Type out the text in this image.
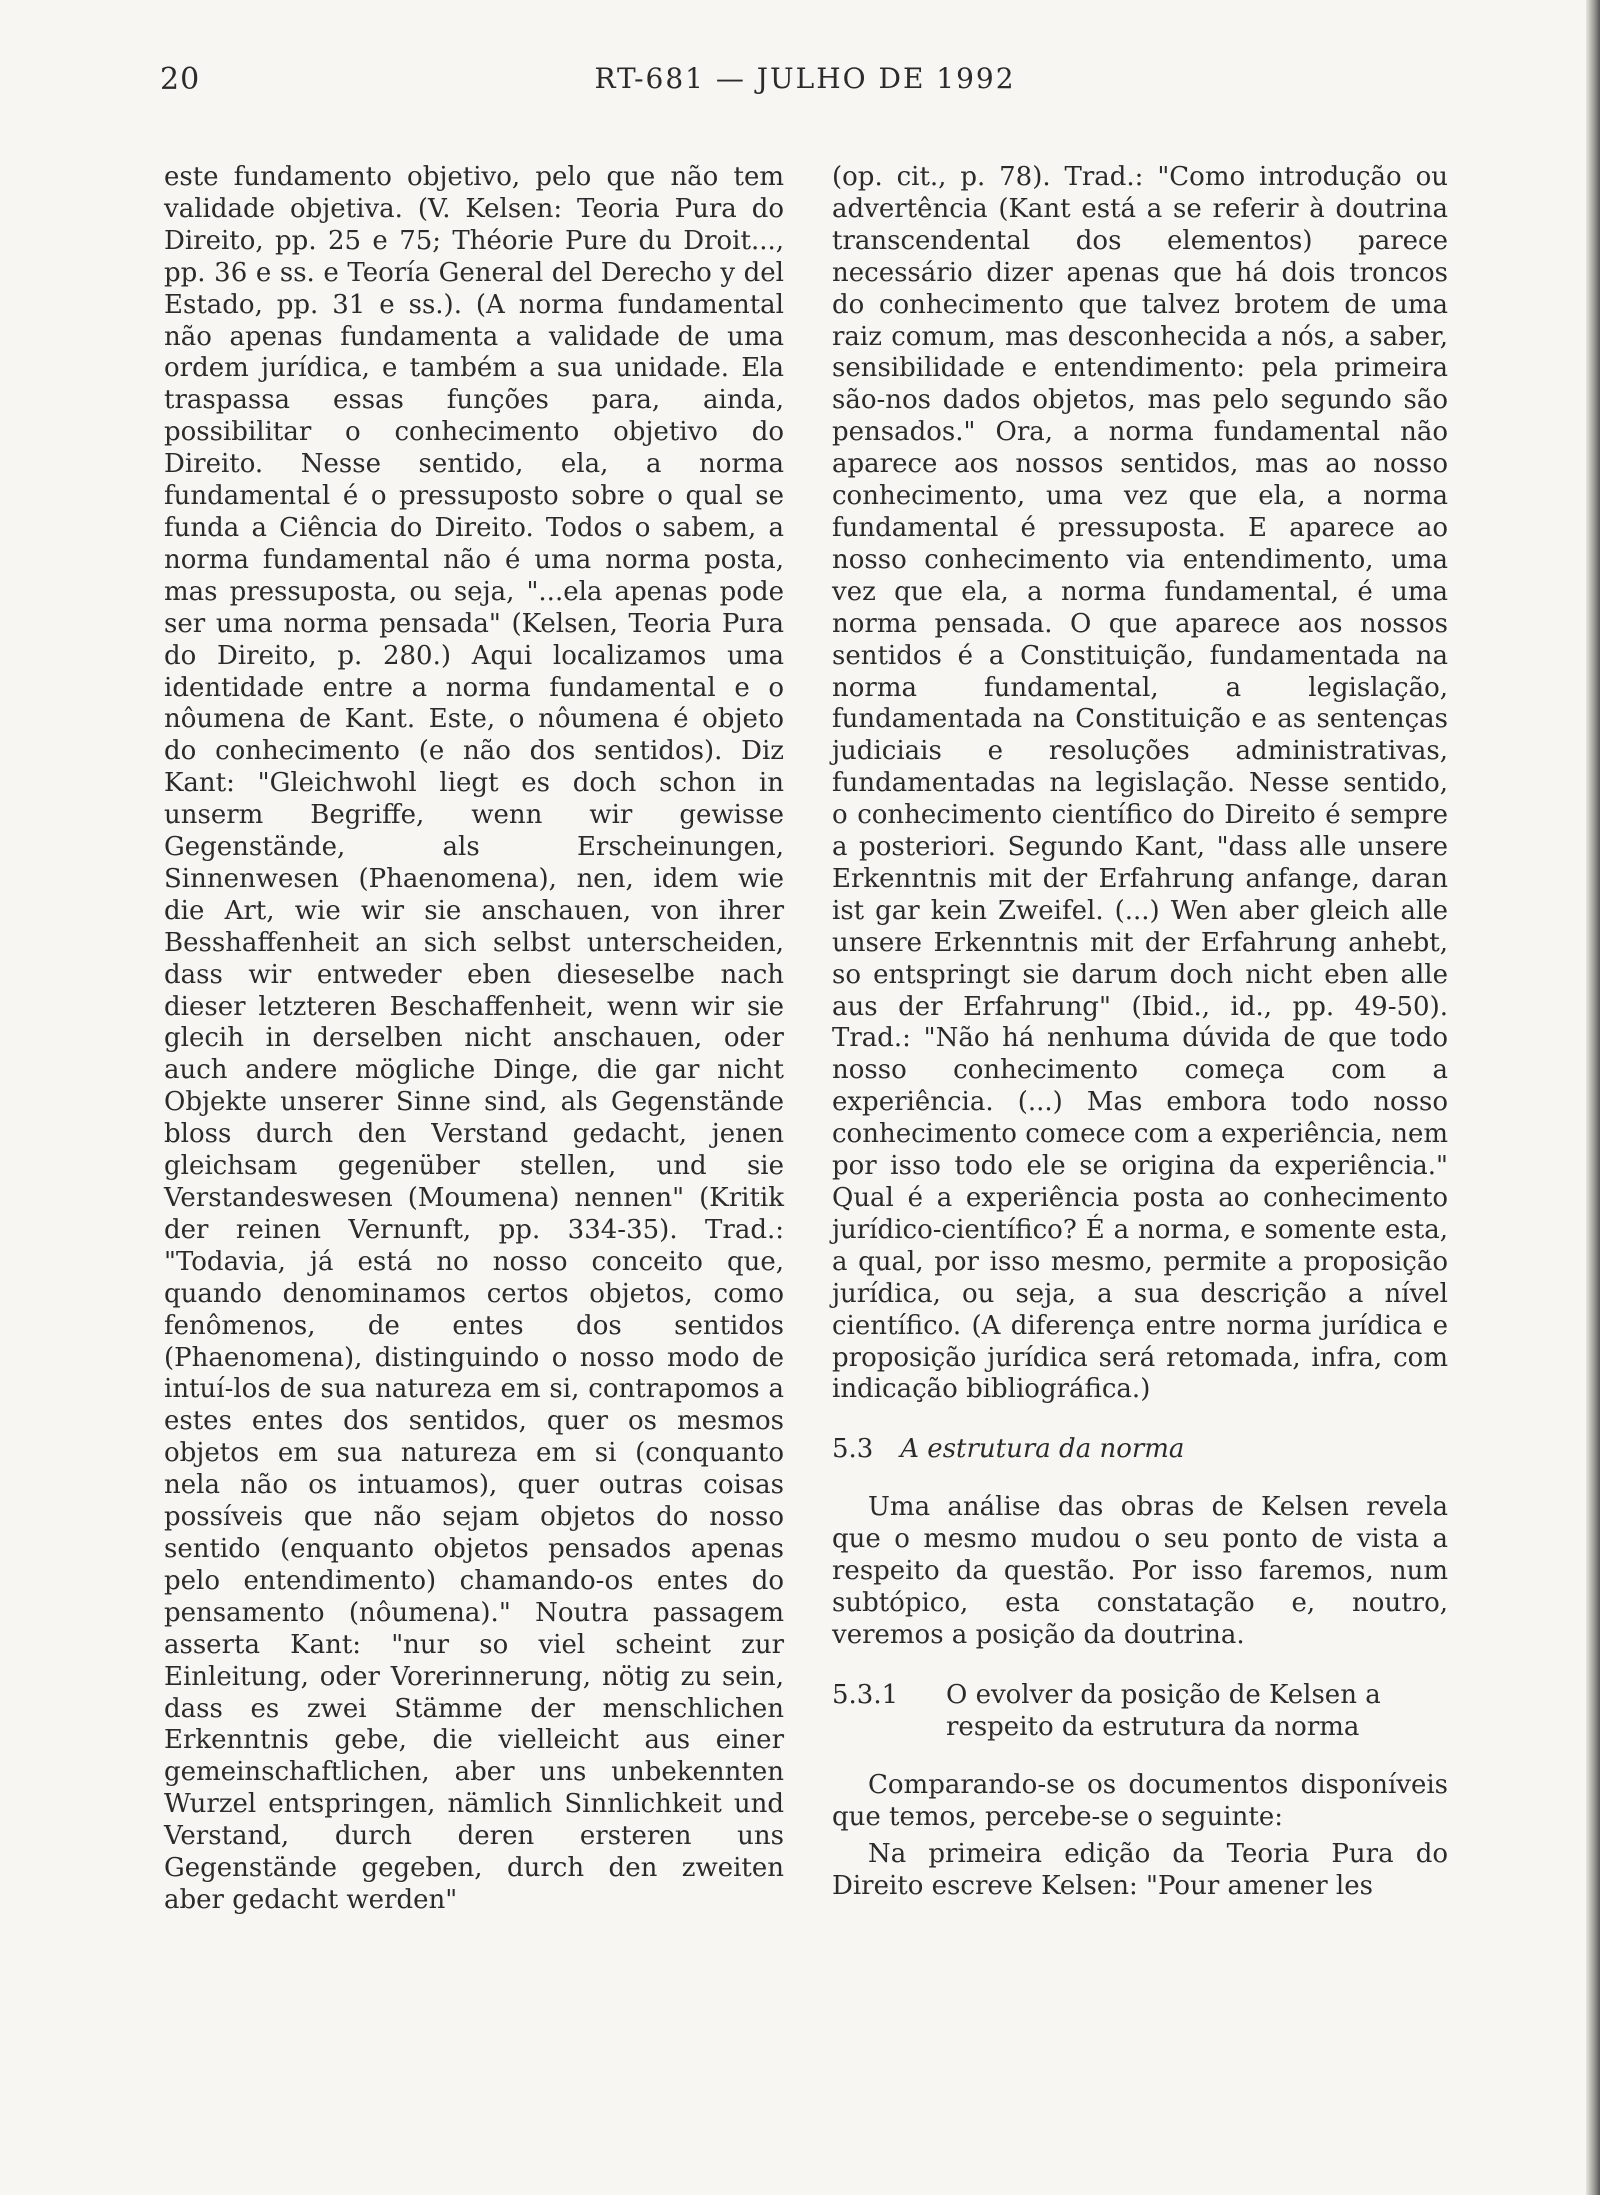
20	RT-681 — JULHO DE 1992

este fundamento objetivo, pelo que não tem validade objetiva. (V. Kelsen: Teoria Pura do Direito, pp. 25 e 75; Théorie Pure du Droit..., pp. 36 e ss. e Teoría General del Derecho y del Estado, pp. 31 e ss.). (A norma fundamental não apenas fundamenta a validade de uma ordem jurídica, e também a sua unidade. Ela traspassa essas funções para, ainda, possibilitar o conhecimento objetivo do Direito. Nesse sentido, ela, a norma fundamental é o pressuposto sobre o qual se funda a Ciência do Direito. Todos o sabem, a norma fundamental não é uma norma posta, mas pressuposta, ou seja, "...ela apenas pode ser uma norma pensada" (Kelsen, Teoria Pura do Direito, p. 280.) Aqui localizamos uma identidade entre a norma fundamental e o nôumena de Kant. Este, o nôumena é objeto do conhecimento (e não dos sentidos). Diz Kant: "Gleichwohl liegt es doch schon in unserm Begriffe, wenn wir gewisse Gegenstände, als Erscheinungen, Sinnenwesen (Phaenomena), nen, idem wie die Art, wie wir sie anschauen, von ihrer Besshaffenheit an sich selbst unterscheiden, dass wir entweder eben dieseselbe nach dieser letzteren Beschaffenheit, wenn wir sie glecih in derselben nicht anschauen, oder auch andere mögliche Dinge, die gar nicht Objekte unserer Sinne sind, als Gegenstände bloss durch den Verstand gedacht, jenen gleichsam gegenüber stellen, und sie Verstandeswesen (Moumena) nennen" (Kritik der reinen Vernunft, pp. 334-35). Trad.: "Todavia, já está no nosso conceito que, quando denominamos certos objetos, como fenômenos, de entes dos sentidos (Phaenomena), distinguindo o nosso modo de intuí-los de sua natureza em si, contrapomos a estes entes dos sentidos, quer os mesmos objetos em sua natureza em si (conquanto nela não os intuamos), quer outras coisas possíveis que não sejam objetos do nosso sentido (enquanto objetos pensados apenas pelo entendimento) chamando-os entes do pensamento (nôumena)." Noutra passagem asserta Kant: "nur so viel scheint zur Einleitung, oder Vorerinnerung, nötig zu sein, dass es zwei Stämme der menschlichen Erkenntnis gebe, die vielleicht aus einer gemeinschaftlichen, aber uns unbekennten Wurzel entspringen, nämlich Sinnlichkeit und Verstand, durch deren ersteren uns Gegenstände gegeben, durch den zweiten aber gedacht werden"

(op. cit., p. 78). Trad.: "Como introdução ou advertência (Kant está a se referir à doutrina transcendental dos elementos) parece necessário dizer apenas que há dois troncos do conhecimento que talvez brotem de uma raiz comum, mas desconhecida a nós, a saber, sensibilidade e entendimento: pela primeira são-nos dados objetos, mas pelo segundo são pensados." Ora, a norma fundamental não aparece aos nossos sentidos, mas ao nosso conhecimento, uma vez que ela, a norma fundamental é pressuposta. E aparece ao nosso conhecimento via entendimento, uma vez que ela, a norma fundamental, é uma norma pensada. O que aparece aos nossos sentidos é a Constituição, fundamentada na norma fundamental, a legislação, fundamentada na Constituição e as sentenças judiciais e resoluções administrativas, fundamentadas na legislação. Nesse sentido, o conhecimento científico do Direito é sempre a posteriori. Segundo Kant, "dass alle unsere Erkenntnis mit der Erfahrung anfange, daran ist gar kein Zweifel. (...) Wen aber gleich alle unsere Erkenntnis mit der Erfahrung anhebt, so entspringt sie darum doch nicht eben alle aus der Erfahrung" (Ibid., id., pp. 49-50). Trad.: "Não há nenhuma dúvida de que todo nosso conhecimento começa com a experiência. (...) Mas embora todo nosso conhecimento comece com a experiência, nem por isso todo ele se origina da experiência." Qual é a experiência posta ao conhecimento jurídico-científico? É a norma, e somente esta, a qual, por isso mesmo, permite a proposição jurídica, ou seja, a sua descrição a nível científico. (A diferença entre norma jurídica e proposição jurídica será retomada, infra, com indicação bibliográfica.)

5.3 A estrutura da norma

Uma análise das obras de Kelsen revela que o mesmo mudou o seu ponto de vista a respeito da questão. Por isso faremos, num subtópico, esta constatação e, noutro, veremos a posição da doutrina.

5.3.1	O evolver da posição de Kelsen a respeito da estrutura da norma

Comparando-se os documentos disponíveis que temos, percebe-se o seguinte:

Na primeira edição da Teoria Pura do Direito escreve Kelsen: "Pour amener les
